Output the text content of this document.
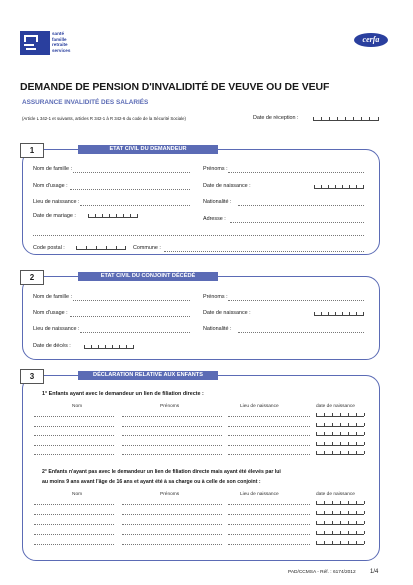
santé
famille
retraite
services
cerfa
DEMANDE DE PENSION D'INVALIDITÉ DE VEUVE OU DE VEUF
ASSURANCE INVALIDITÉ DES SALARIÉS
(Article L 342-1 et suivants, articles R 342-1 à R 342-6 du code de la Sécurité Sociale)	Date de réception :
1	ETAT CIVIL DU DEMANDEUR
Nom de famille :	Prénoms :
Nom d'usage :	Date de naissance :
Lieu de naissance :	Nationalité :
Date de mariage :	Adresse :
Code postal :	Commune :
2	ETAT CIVIL DU CONJOINT DÉCÉDÉ
Nom de famille :	Prénoms :
Nom d'usage :	Date de naissance :
Lieu de naissance :	Nationalité :
Date de décès :
3	DÉCLARATION RELATIVE AUX ENFANTS
1° Enfants ayant avec le demandeur un lien de filiation directe :
Nom	Prénoms	Lieu de naissance	date de naissance
2° Enfants n'ayant pas avec le demandeur un lien de filiation directe mais ayant été élevés par lui
au moins 9 ans avant l'âge de 16 ans et ayant été à sa charge ou à celle de son conjoint :
Nom	Prénoms	Lieu de naissance	date de naissance
PAD/CCMSA - Réf. : 6174/2012 1/4
